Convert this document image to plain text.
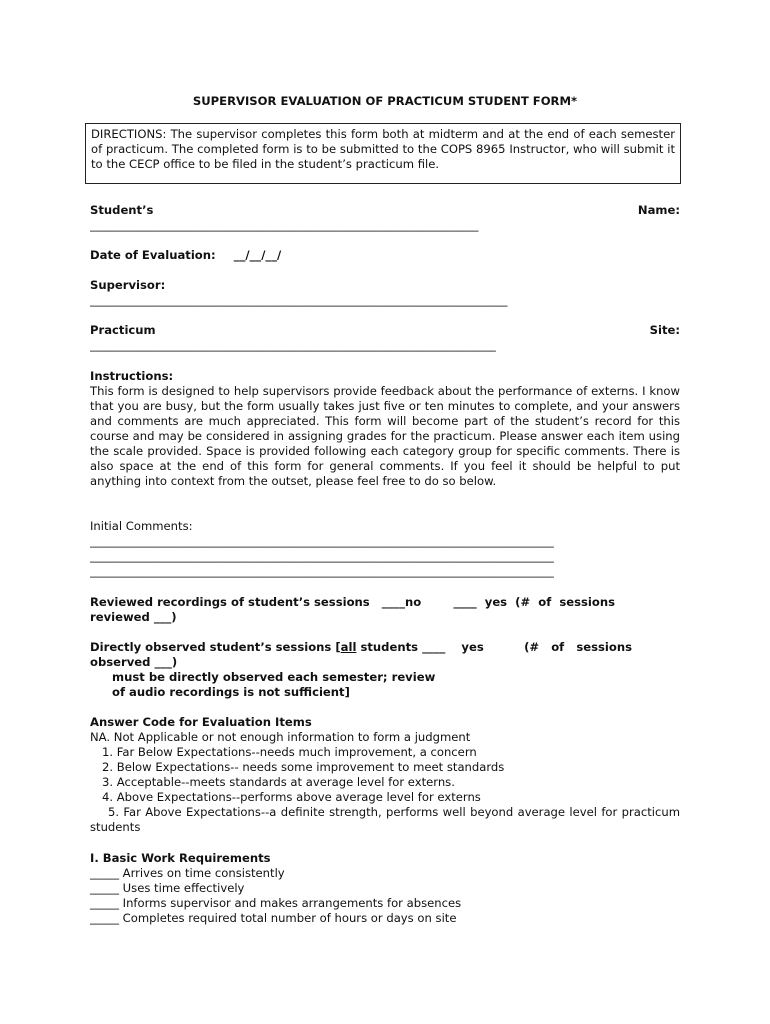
SUPERVISOR EVALUATION OF PRACTICUM STUDENT FORM*
DIRECTIONS: The supervisor completes this form both at midterm and at the end of each semester of practicum. The completed form is to be submitted to the COPS 8965 Instructor, who will submit it to the CECP office to be filed in the student’s practicum file.
Student’s	Name:
___________________________________________________________________
Date of Evaluation: __/__/__/
Supervisor:
________________________________________________________________________
Practicum	Site:
______________________________________________________________________
Instructions:
This form is designed to help supervisors provide feedback about the performance of externs. I know that you are busy, but the form usually takes just five or ten minutes to complete, and your answers and comments are much appreciated. This form will become part of the student’s record for this course and may be considered in assigning grades for the practicum. Please answer each item using the scale provided. Space is provided following each category group for specific comments. There is also space at the end of this form for general comments. If you feel it should be helpful to put anything into context from the outset, please feel free to do so below.
Initial Comments:
________________________________________________________________________________
________________________________________________________________________________
________________________________________________________________________________
Reviewed recordings of student’s sessions   ____no        ____  yes  (#  of  sessions
reviewed ___)
Directly observed student’s sessions [all students ____    yes          (#   of   sessions
observed ___)
must be directly observed each semester; review
of audio recordings is not sufficient]
Answer Code for Evaluation Items
NA. Not Applicable or not enough information to form a judgment
1. Far Below Expectations--needs much improvement, a concern
2. Below Expectations-- needs some improvement to meet standards
3. Acceptable--meets standards at average level for externs.
4. Above Expectations--performs above average level for externs
5. Far Above Expectations--a definite strength, performs well beyond average level for practicum students
I. Basic Work Requirements
_____ Arrives on time consistently
_____ Uses time effectively
_____ Informs supervisor and makes arrangements for absences
_____ Completes required total number of hours or days on site
